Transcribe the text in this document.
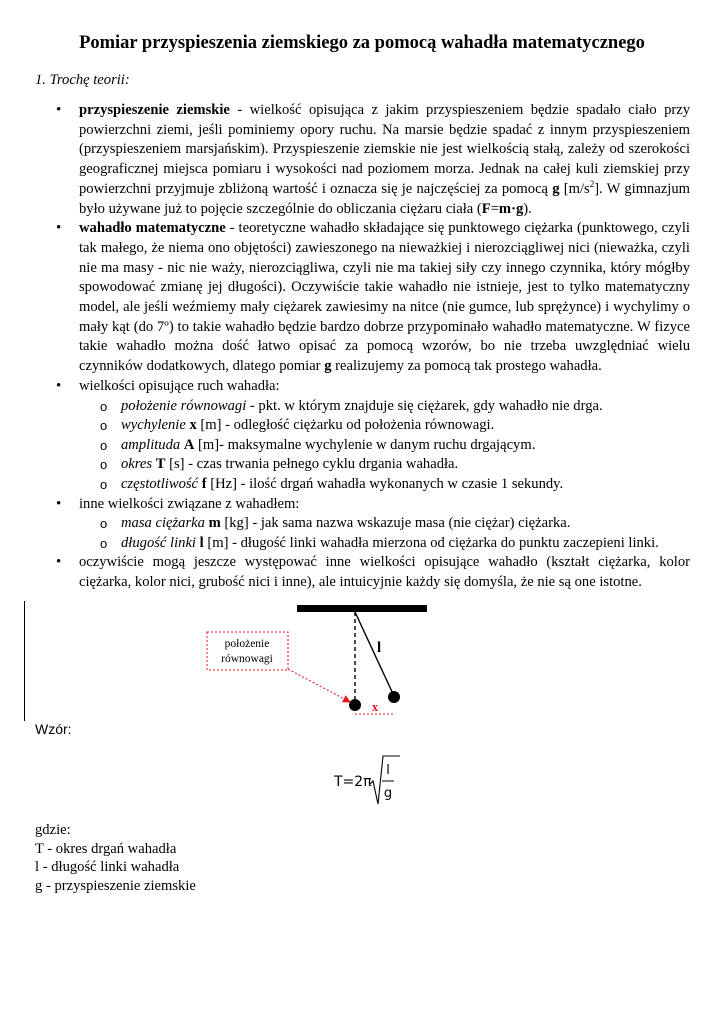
Pomiar przyspieszenia ziemskiego za pomocą wahadła matematycznego

1. Trochę teorii:

• przyspieszenie ziemskie - wielkość opisująca z jakim przyspieszeniem będzie spadało ciało przy powierzchni ziemi, jeśli pominiemy opory ruchu. Na marsie będzie spadać z innym przyspieszeniem (przyspieszeniem marsjańskim). Przyspieszenie ziemskie nie jest wielkością stałą, zależy od szerokości geograficznej miejsca pomiaru i wysokości nad poziomem morza. Jednak na całej kuli ziemskiej przy powierzchni przyjmuje zbliżoną wartość i oznacza się je najczęściej za pomocą g $[m/s^2]$. W gimnazjum było używane już to pojęcie szczególnie do obliczania ciężaru ciała (F=m·g).
• wahadło matematyczne - teoretyczne wahadło składające się punktowego ciężarka (punktowego, czyli tak małego, że niema ono objętości) zawieszonego na nieważkiej i nierozciągliwej nici (nieważka, czyli nie ma masy - nic nie waży, nierozciągliwa, czyli nie ma takiej siły czy innego czynnika, który mógłby spowodować zmianę jej długości). Oczywiście takie wahadło nie istnieje, jest to tylko matematyczny model, ale jeśli weźmiemy mały ciężarek zawiesimy na nitce (nie gumce, lub sprężynce) i wychylimy o mały kąt (do 7º) to takie wahadło będzie bardzo dobrze przypominało wahadło matematyczne. W fizyce takie wahadło można dość łatwo opisać za pomocą wzorów, bo nie trzeba uwzględniać wielu czynników dodatkowych, dlatego pomiar g realizujemy za pomocą tak prostego wahadła.
• wielkości opisujące ruch wahadła:
o położenie równowagi - pkt. w którym znajduje się ciężarek, gdy wahadło nie drga.
o wychylenie x [m] - odległość ciężarku od położenia równowagi.
o amplituda A [m]- maksymalne wychylenie w danym ruchu drgającym.
o okres T [s] - czas trwania pełnego cyklu drgania wahadła.
o częstotliwość f [Hz] - ilość drgań wahadła wykonanych w czasie 1 sekundy.
• inne wielkości związane z wahadłem:
o masa ciężarka m [kg] - jak sama nazwa wskazuje masa (nie ciężar) ciężarka.
o długość linki l [m] - długość linki wahadła mierzona od ciężarka do punktu zaczepieni linki.
• oczywiście mogą jeszcze występować inne wielkości opisujące wahadło (kształt ciężarka, kolor ciężarka, kolor nici, grubość nici i inne), ale intuicyjnie każdy się domyśla, że nie są one istotne.
położenie
równowagi
l
x
Wzór:
T=2π
l
g
gdzie:
T - okres drgań wahadła
l - długość linki wahadła
g - przyspieszenie ziemskie
